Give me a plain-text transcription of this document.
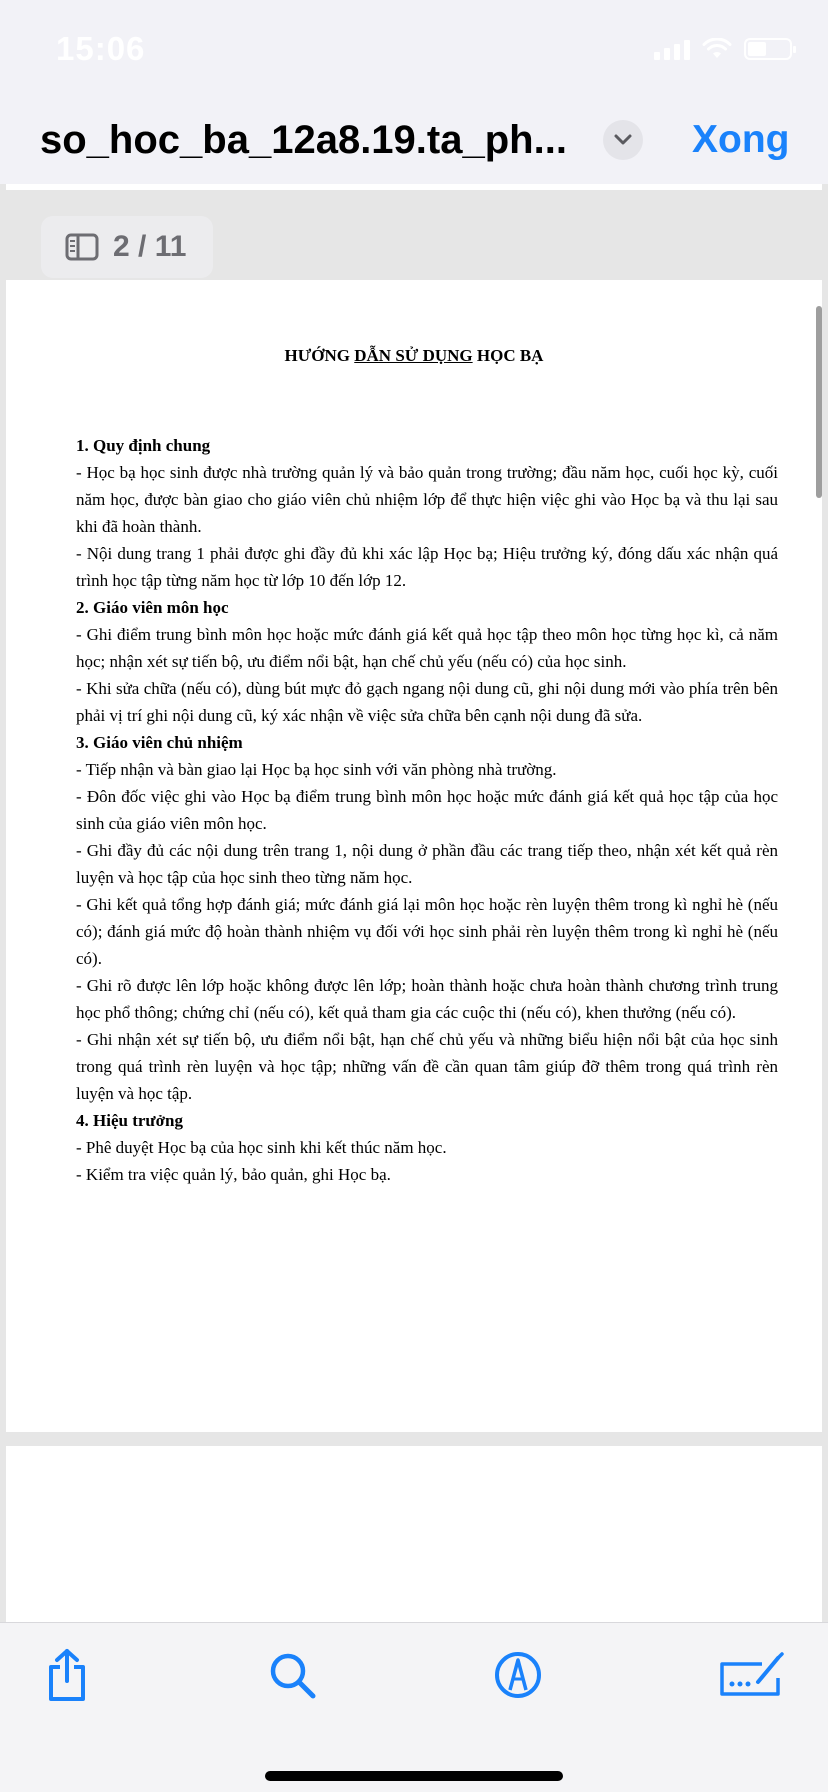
15:06
so_hoc_ba_12a8.19.ta_ph...	Xong
2 / 11
HƯỚNG DẪN SỬ DỤNG HỌC BẠ
1. Quy định chung
- Học bạ học sinh được nhà trường quản lý và bảo quản trong trường; đầu năm học, cuối học kỳ, cuối năm học, được bàn giao cho giáo viên chủ nhiệm lớp để thực hiện việc ghi vào Học bạ và thu lại sau khi đã hoàn thành.
- Nội dung trang 1 phải được ghi đầy đủ khi xác lập Học bạ; Hiệu trưởng ký, đóng dấu xác nhận quá trình học tập từng năm học từ lớp 10 đến lớp 12.
2. Giáo viên môn học
- Ghi điểm trung bình môn học hoặc mức đánh giá kết quả học tập theo môn học từng học kì, cả năm học; nhận xét sự tiến bộ, ưu điểm nổi bật, hạn chế chủ yếu (nếu có) của học sinh.
- Khi sửa chữa (nếu có), dùng bút mực đỏ gạch ngang nội dung cũ, ghi nội dung mới vào phía trên bên phải vị trí ghi nội dung cũ, ký xác nhận về việc sửa chữa bên cạnh nội dung đã sửa.
3. Giáo viên chủ nhiệm
- Tiếp nhận và bàn giao lại Học bạ học sinh với văn phòng nhà trường.
- Đôn đốc việc ghi vào Học bạ điểm trung bình môn học hoặc mức đánh giá kết quả học tập của học sinh của giáo viên môn học.
- Ghi đầy đủ các nội dung trên trang 1, nội dung ở phần đầu các trang tiếp theo, nhận xét kết quả rèn luyện và học tập của học sinh theo từng năm học.
- Ghi kết quả tổng hợp đánh giá; mức đánh giá lại môn học hoặc rèn luyện thêm trong kì nghỉ hè (nếu có); đánh giá mức độ hoàn thành nhiệm vụ đối với học sinh phải rèn luyện thêm trong kì nghỉ hè (nếu có).
- Ghi rõ được lên lớp hoặc không được lên lớp; hoàn thành hoặc chưa hoàn thành chương trình trung học phổ thông; chứng chỉ (nếu có), kết quả tham gia các cuộc thi (nếu có), khen thưởng (nếu có).
- Ghi nhận xét sự tiến bộ, ưu điểm nổi bật, hạn chế chủ yếu và những biểu hiện nổi bật của học sinh trong quá trình rèn luyện và học tập; những vấn đề cần quan tâm giúp đỡ thêm trong quá trình rèn luyện và học tập.
4. Hiệu trưởng
- Phê duyệt Học bạ của học sinh khi kết thúc năm học.
- Kiểm tra việc quản lý, bảo quản, ghi Học bạ.
